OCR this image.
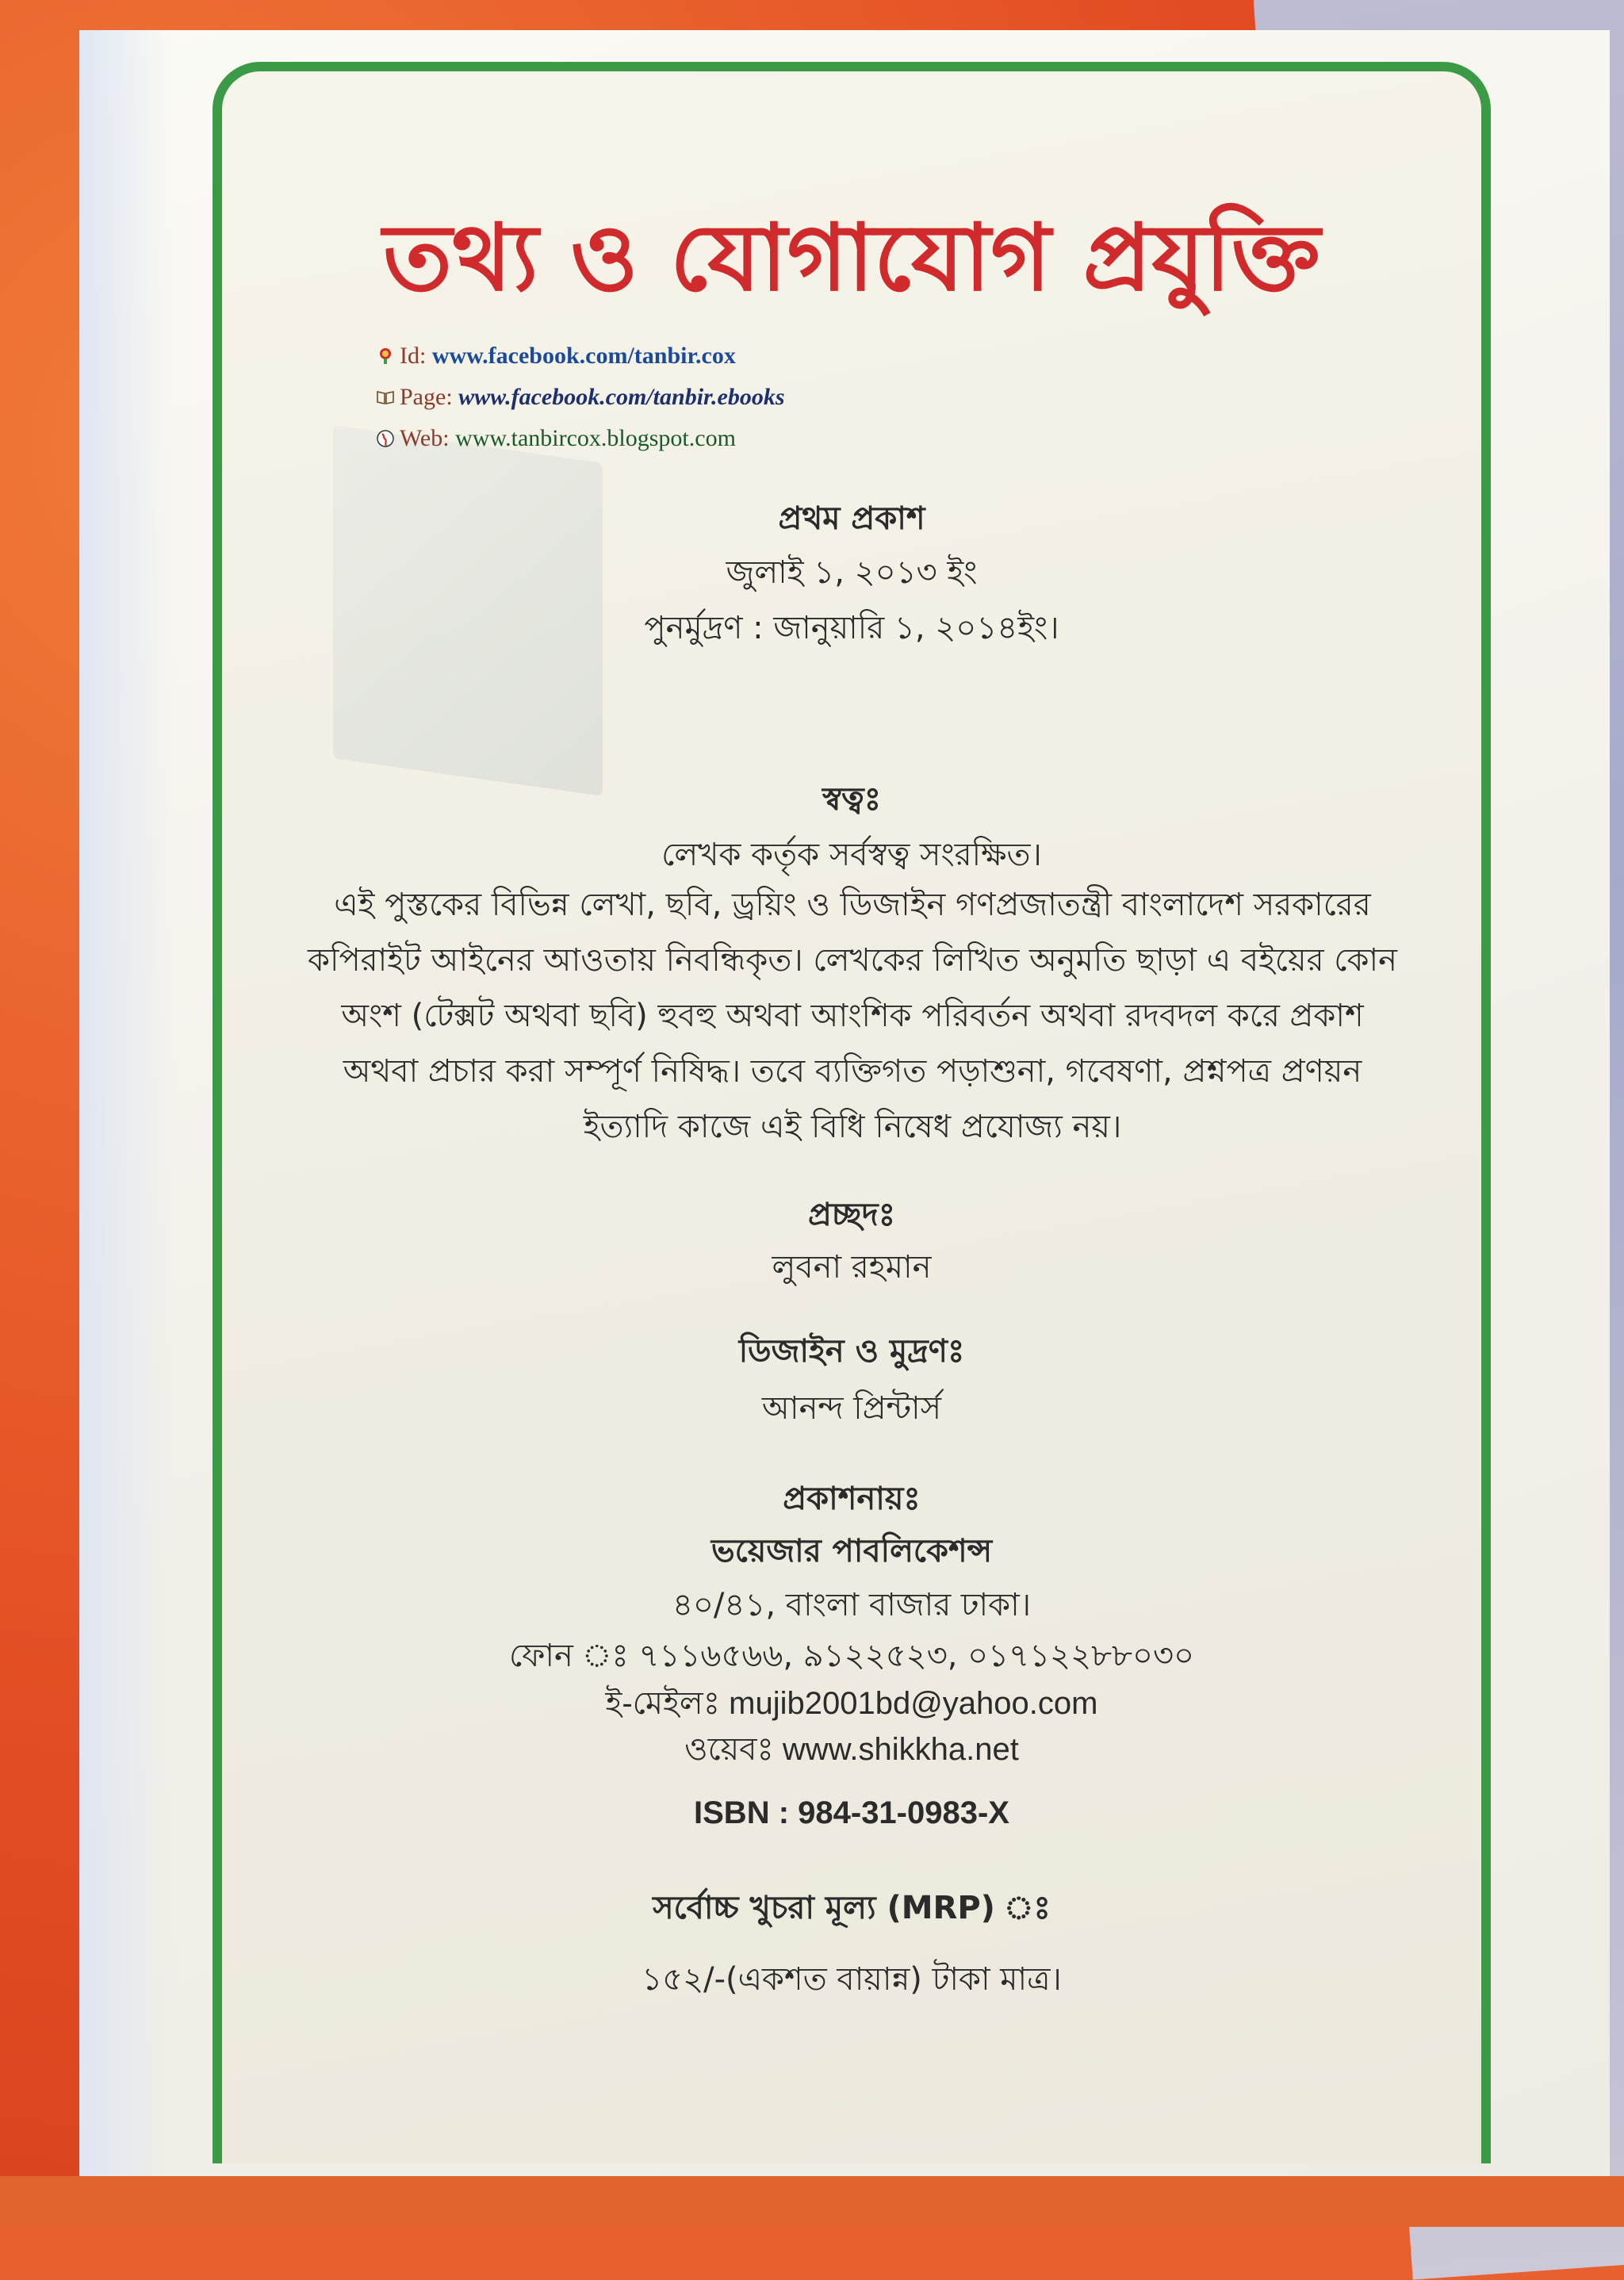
তথ্য ও যোগাযোগ প্রযুক্তি
Id: www.facebook.com/tanbir.cox
Page: www.facebook.com/tanbir.ebooks
Web: www.tanbircox.blogspot.com
প্রথম প্রকাশ
জুলাই ১, ২০১৩ ইং
পুনর্মুদ্রণ : জানুয়ারি ১, ২০১৪ইং।
স্বত্বঃ
লেখক কর্তৃক সর্বস্বত্ব সংরক্ষিত।
এই পুস্তকের বিভিন্ন লেখা, ছবি, ড্রয়িং ও ডিজাইন গণপ্রজাতন্ত্রী বাংলাদেশ সরকারের
কপিরাইট আইনের আওতায় নিবন্ধিকৃত। লেখকের লিখিত অনুমতি ছাড়া এ বইয়ের কোন
অংশ (টেক্সট অথবা ছবি) হুবহু অথবা আংশিক পরিবর্তন অথবা রদবদল করে প্রকাশ
অথবা প্রচার করা সম্পূর্ণ নিষিদ্ধ। তবে ব্যক্তিগত পড়াশুনা, গবেষণা, প্রশ্নপত্র প্রণয়ন
ইত্যাদি কাজে এই বিধি নিষেধ প্রযোজ্য নয়।
প্রচ্ছদঃ
লুবনা রহমান
ডিজাইন ও মুদ্রণঃ
আনন্দ প্রিন্টার্স
প্রকাশনায়ঃ
ভয়েজার পাবলিকেশন্স
৪০/৪১, বাংলা বাজার ঢাকা।
ফোন ঃ ৭১১৬৫৬৬, ৯১২২৫২৩, ০১৭১২২৮৮০৩০
ই-মেইলঃ mujib2001bd@yahoo.com
ওয়েবঃ www.shikkha.net
ISBN : 984-31-0983-X
সর্বোচ্চ খুচরা মূল্য (MRP) ঃ
১৫২/-(একশত বায়ান্ন) টাকা মাত্র।
